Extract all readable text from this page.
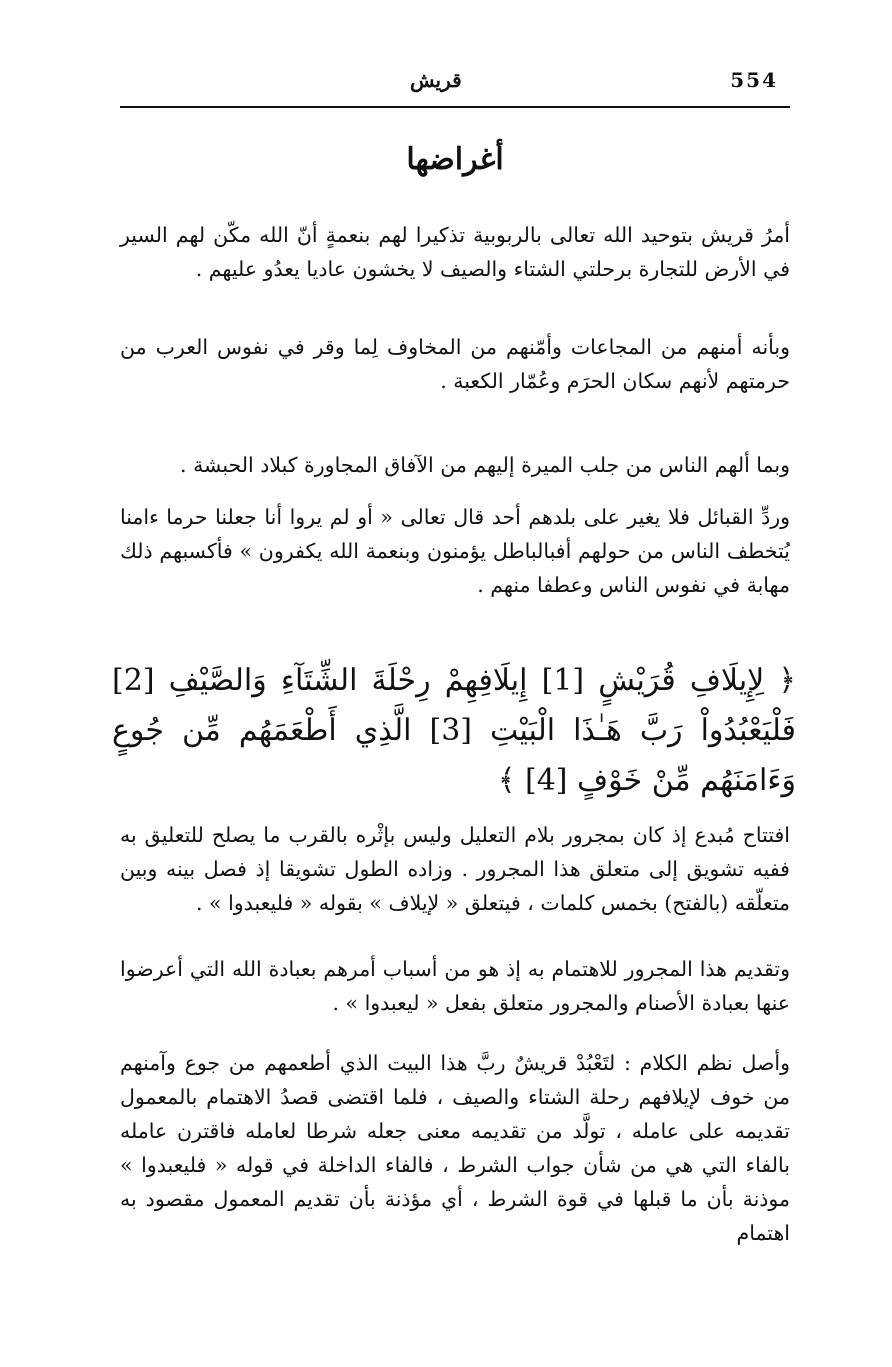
554
قريش
أغراضها

أمرُ قريش بتوحيد الله تعالى بالربوبية تذكيرا لهم بنعمةٍ أنّ الله مكّن لهم السير في الأرض للتجارة برحلتي الشتاء والصيف لا يخشون عاديا يعدُو عليهم .

وبأنه أمنهم من المجاعات وأمّنهم من المخاوف لِما وقر في نفوس العرب من حرمتهم لأنهم سكان الحرَم وعُمّار الكعبة .

وبما ألهم الناس من جلب الميرة إليهم من الآفاق المجاورة كبلاد الحبشة .

وردِّ القبائل فلا يغير على بلدهم أحد قال تعالى « أو لم يروا أنا جعلنا حرما ءامنا يُتخطف الناس من حولهم أفبالباطل يؤمنون وبنعمة الله يكفرون » فأكسبهم ذلك مهابة في نفوس الناس وعطفا منهم .

﴿ لِإِيلَافِ قُرَيْشٍ [1] إِيلَافِهِمْ رِحْلَةَ الشِّتَآءِ وَالصَّيْفِ [2] فَلْيَعْبُدُواْ رَبَّ هَـٰذَا الْبَيْتِ [3] الَّذِي أَطْعَمَهُم مِّن جُوعٍ وَءَامَنَهُم مِّنْ خَوْفٍ [4] ﴾

افتتاح مُبدع إذ كان بمجرور بلام التعليل وليس بإثْره بالقرب ما يصلح للتعليق به ففيه تشويق إلى متعلق هذا المجرور . وزاده الطول تشويقا إذ فصل بينه وبين متعلّقه (بالفتح) بخمس كلمات ، فيتعلق « لإيلاف » بقوله « فليعبدوا » .

وتقديم هذا المجرور للاهتمام به إذ هو من أسباب أمرهم بعبادة الله التي أعرضوا عنها بعبادة الأصنام والمجرور متعلق بفعل « ليعبدوا » .

وأصل نظم الكلام : لتَعْبُدْ قريشٌ ربَّ هذا البيت الذي أطعمهم من جوع وآمنهم من خوف لإيلافهم رحلة الشتاء والصيف ، فلما اقتضى قصدُ الاهتمام بالمعمول تقديمه على عامله ، تولَّد من تقديمه معنى جعله شرطا لعامله فاقترن عامله بالفاء التي هي من شأن جواب الشرط ، فالفاء الداخلة في قوله « فليعبدوا » موذنة بأن ما قبلها في قوة الشرط ، أي مؤذنة بأن تقديم المعمول مقصود به اهتمام
